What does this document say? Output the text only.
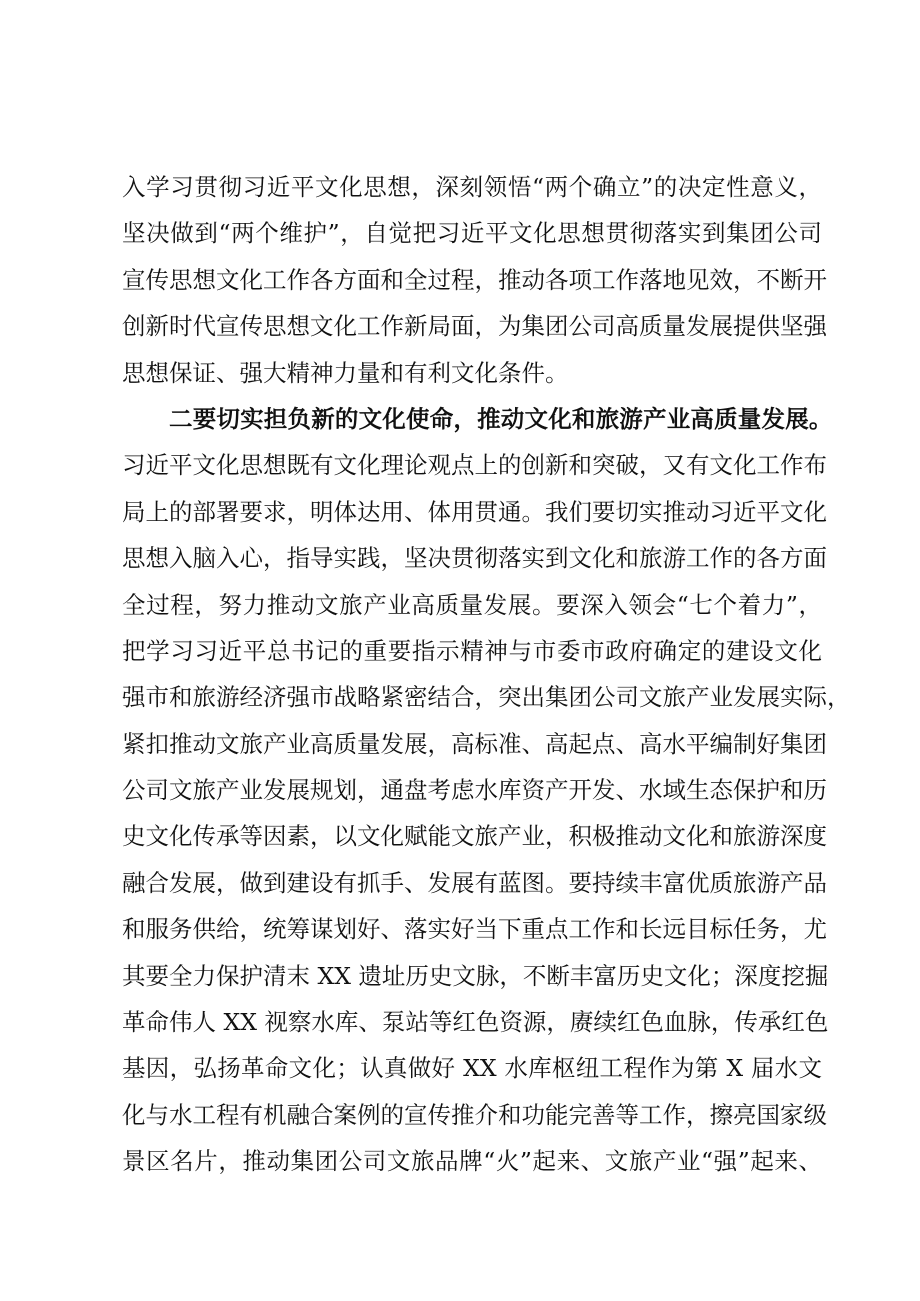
入学习贯彻习近平文化思想，深刻领悟“两个确立”的决定性意义，
坚决做到“两个维护”，自觉把习近平文化思想贯彻落实到集团公司
宣传思想文化工作各方面和全过程，推动各项工作落地见效，不断开
创新时代宣传思想文化工作新局面，为集团公司高质量发展提供坚强
思想保证、强大精神力量和有利文化条件。
二要切实担负新的文化使命，推动文化和旅游产业高质量发展。
习近平文化思想既有文化理论观点上的创新和突破，又有文化工作布
局上的部署要求，明体达用、体用贯通。我们要切实推动习近平文化
思想入脑入心，指导实践，坚决贯彻落实到文化和旅游工作的各方面
全过程，努力推动文旅产业高质量发展。要深入领会“七个着力”，
把学习习近平总书记的重要指示精神与市委市政府确定的建设文化
强市和旅游经济强市战略紧密结合，突出集团公司文旅产业发展实际，
紧扣推动文旅产业高质量发展，高标准、高起点、高水平编制好集团
公司文旅产业发展规划，通盘考虑水库资产开发、水域生态保护和历
史文化传承等因素，以文化赋能文旅产业，积极推动文化和旅游深度
融合发展，做到建设有抓手、发展有蓝图。要持续丰富优质旅游产品
和服务供给，统筹谋划好、落实好当下重点工作和长远目标任务，尤
其要全力保护清末 XX 遗址历史文脉，不断丰富历史文化；深度挖掘
革命伟人 XX 视察水库、泵站等红色资源，赓续红色血脉，传承红色
基因，弘扬革命文化；认真做好 XX 水库枢纽工程作为第 X 届水文
化与水工程有机融合案例的宣传推介和功能完善等工作，擦亮国家级
景区名片，推动集团公司文旅品牌“火”起来、文旅产业“强”起来、
